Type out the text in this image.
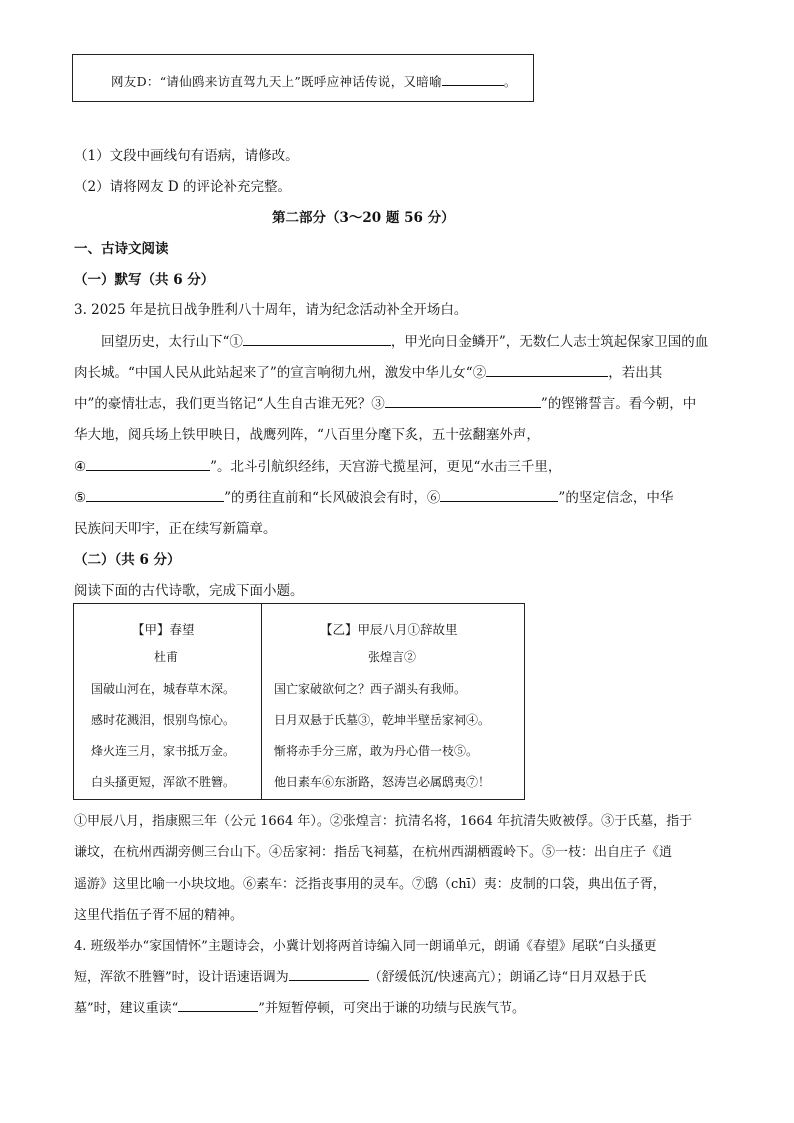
网友D：“请仙鸥来访直驾九天上”既呼应神话传说，又暗喻	。
（1）文段中画线句有语病，请修改。
（2）请将网友 D 的评论补充完整。
第二部分（3～20 题 56 分）
一、古诗文阅读
（一）默写（共 6 分）
3. 2025 年是抗日战争胜利八十周年，请为纪念活动补全开场白。
回望历史，太行山下“①	，甲光向日金鳞开”，无数仁人志士筑起保家卫国的血
肉长城。“中国人民从此站起来了”的宣言响彻九州，激发中华儿女“②	，若出其
中”的豪情壮志，我们更当铭记“人生自古谁无死？③	”的铿锵誓言。看今朝，中
华大地，阅兵场上铁甲映日，战鹰列阵，“八百里分麾下炙，五十弦翻塞外声，
④	”。北斗引航织经纬，天宫游弋揽星河，更见“水击三千里，
⑤	”的勇往直前和“长风破浪会有时，⑥	”的坚定信念，中华
民族问天叩宇，正在续写新篇章。
（二）（共 6 分）
阅读下面的古代诗歌，完成下面小题。
【甲】春望
杜甫
国破山河在，城春草木深。
感时花溅泪，恨别鸟惊心。
烽火连三月，家书抵万金。
白头搔更短，浑欲不胜簪。
【乙】甲辰八月①辞故里
张煌言②
国亡家破欲何之？西子湖头有我师。
日月双悬于氏墓③，乾坤半壁岳家祠④。
惭将赤手分三席，敢为丹心借一枝⑤。
他日素车⑥东浙路，怒涛岂必属鸱夷⑦！
①甲辰八月，指康熙三年（公元 1664 年）。②张煌言：抗清名将，1664 年抗清失败被俘。③于氏墓，指于
谦坟，在杭州西湖旁侧三台山下。④岳家祠：指岳飞祠墓，在杭州西湖栖霞岭下。⑤一枝：出自庄子《逍
遥游》这里比喻一小块坟地。⑥素车：泛指丧事用的灵车。⑦鸱（chī）夷：皮制的口袋，典出伍子胥，
这里代指伍子胥不屈的精神。
4. 班级举办“家国情怀”主题诗会，小冀计划将两首诗编入同一朗诵单元，朗诵《春望》尾联“白头搔更
短，浑欲不胜簪”时，设计语速语调为	（舒缓低沉/快速高亢）；朗诵乙诗“日月双悬于氏
墓”时，建议重读“	”并短暂停顿，可突出于谦的功绩与民族气节。
